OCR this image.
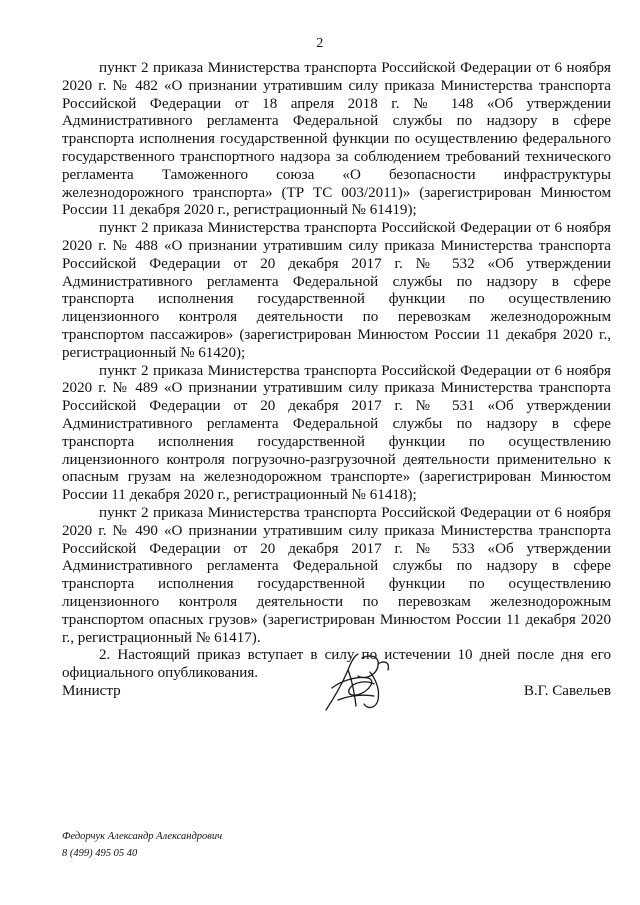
2

пункт 2 приказа Министерства транспорта Российской Федерации от 6 ноября 2020 г. № 482 «О признании утратившим силу приказа Министерства транспорта Российской Федерации от 18 апреля 2018 г. № 148 «Об утверждении Административного регламента Федеральной службы по надзору в сфере транспорта исполнения государственной функции по осуществлению федерального государственного транспортного надзора за соблюдением требований технического регламента Таможенного союза «О безопасности инфраструктуры железнодорожного транспорта» (ТР ТС 003/2011)» (зарегистрирован Минюстом России 11 декабря 2020 г., регистрационный № 61419);

пункт 2 приказа Министерства транспорта Российской Федерации от 6 ноября 2020 г. № 488 «О признании утратившим силу приказа Министерства транспорта Российской Федерации от 20 декабря 2017 г. № 532 «Об утверждении Административного регламента Федеральной службы по надзору в сфере транспорта исполнения государственной функции по осуществлению лицензионного контроля деятельности по перевозкам железнодорожным транспортом пассажиров» (зарегистрирован Минюстом России 11 декабря 2020 г., регистрационный № 61420);

пункт 2 приказа Министерства транспорта Российской Федерации от 6 ноября 2020 г. № 489 «О признании утратившим силу приказа Министерства транспорта Российской Федерации от 20 декабря 2017 г. № 531 «Об утверждении Административного регламента Федеральной службы по надзору в сфере транспорта исполнения государственной функции по осуществлению лицензионного контроля погрузочно-разгрузочной деятельности применительно к опасным грузам на железнодорожном транспорте» (зарегистрирован Минюстом России 11 декабря 2020 г., регистрационный № 61418);

пункт 2 приказа Министерства транспорта Российской Федерации от 6 ноября 2020 г. № 490 «О признании утратившим силу приказа Министерства транспорта Российской Федерации от 20 декабря 2017 г. № 533 «Об утверждении Административного регламента Федеральной службы по надзору в сфере транспорта исполнения государственной функции по осуществлению лицензионного контроля деятельности по перевозкам железнодорожным транспортом опасных грузов» (зарегистрирован Минюстом России 11 декабря 2020 г., регистрационный № 61417).

2. Настоящий приказ вступает в силу по истечении 10 дней после дня его официального опубликования.

Министр	В.Г. Савельев
Федорчук Александр Александрович
8 (499) 495 05 40
